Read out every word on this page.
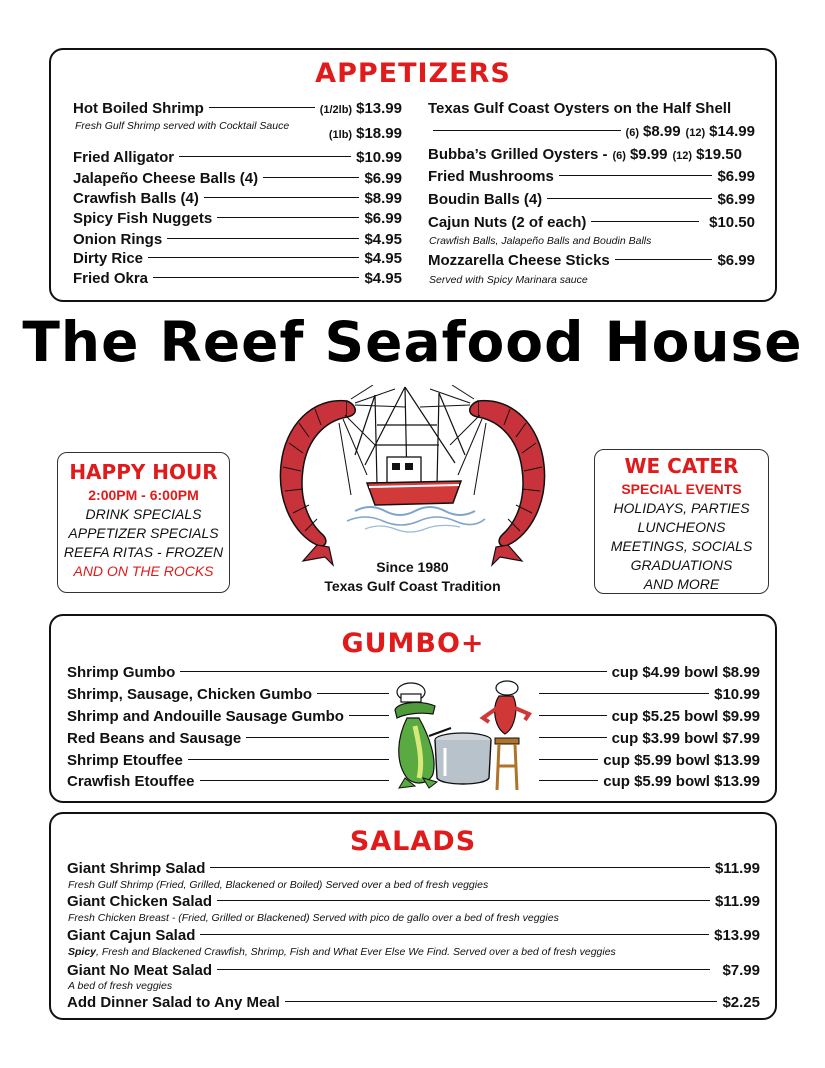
APPETIZERS
Hot Boiled Shrimp	(1/2lb) $13.99
Fresh Gulf Shrimp served with Cocktail Sauce
(1lb) $18.99
Fried Alligator	$10.99
Jalapeño Cheese Balls (4)	$6.99
Crawfish Balls (4)	$8.99
Spicy Fish Nuggets	$6.99
Onion Rings	$4.95
Dirty Rice	$4.95
Fried Okra	$4.95
Texas Gulf Coast Oysters on the Half Shell
(6) $8.99 (12) $14.99
Bubba’s Grilled Oysters - (6) $9.99 (12) $19.50
Fried Mushrooms	$6.99
Boudin Balls (4)	$6.99
Cajun Nuts (2 of each)	$10.50
Crawfish Balls, Jalapeño Balls and Boudin Balls
Mozzarella Cheese Sticks	$6.99
Served with Spicy Marinara sauce
The Reef Seafood House
Since 1980
Texas Gulf Coast Tradition
HAPPY HOUR
2:00PM - 6:00PM
DRINK SPECIALS
APPETIZER SPECIALS
REEFA RITAS - FROZEN
AND ON THE ROCKS
WE CATER
SPECIAL EVENTS
HOLIDAYS, PARTIES
LUNCHEONS
MEETINGS, SOCIALS
GRADUATIONS
AND MORE
GUMBO+
Shrimp Gumbo	cup $4.99 bowl $8.99
Shrimp, Sausage, Chicken Gumbo	$10.99
Shrimp and Andouille Sausage Gumbo	cup $5.25 bowl $9.99
Red Beans and Sausage	cup $3.99 bowl $7.99
Shrimp Etouffee	cup $5.99 bowl $13.99
Crawfish Etouffee	cup $5.99 bowl $13.99
SALADS
Giant Shrimp Salad	$11.99
Fresh Gulf Shrimp (Fried, Grilled, Blackened or Boiled) Served over a bed of fresh veggies
Giant Chicken Salad	$11.99
Fresh Chicken Breast - (Fried, Grilled or Blackened) Served with pico de gallo over a bed of fresh veggies
Giant Cajun Salad	$13.99
Spicy, Fresh and Blackened Crawfish, Shrimp, Fish and What Ever Else We Find. Served over a bed of fresh veggies
Giant No Meat Salad	$7.99
A bed of fresh veggies
Add Dinner Salad to Any Meal	$2.25
